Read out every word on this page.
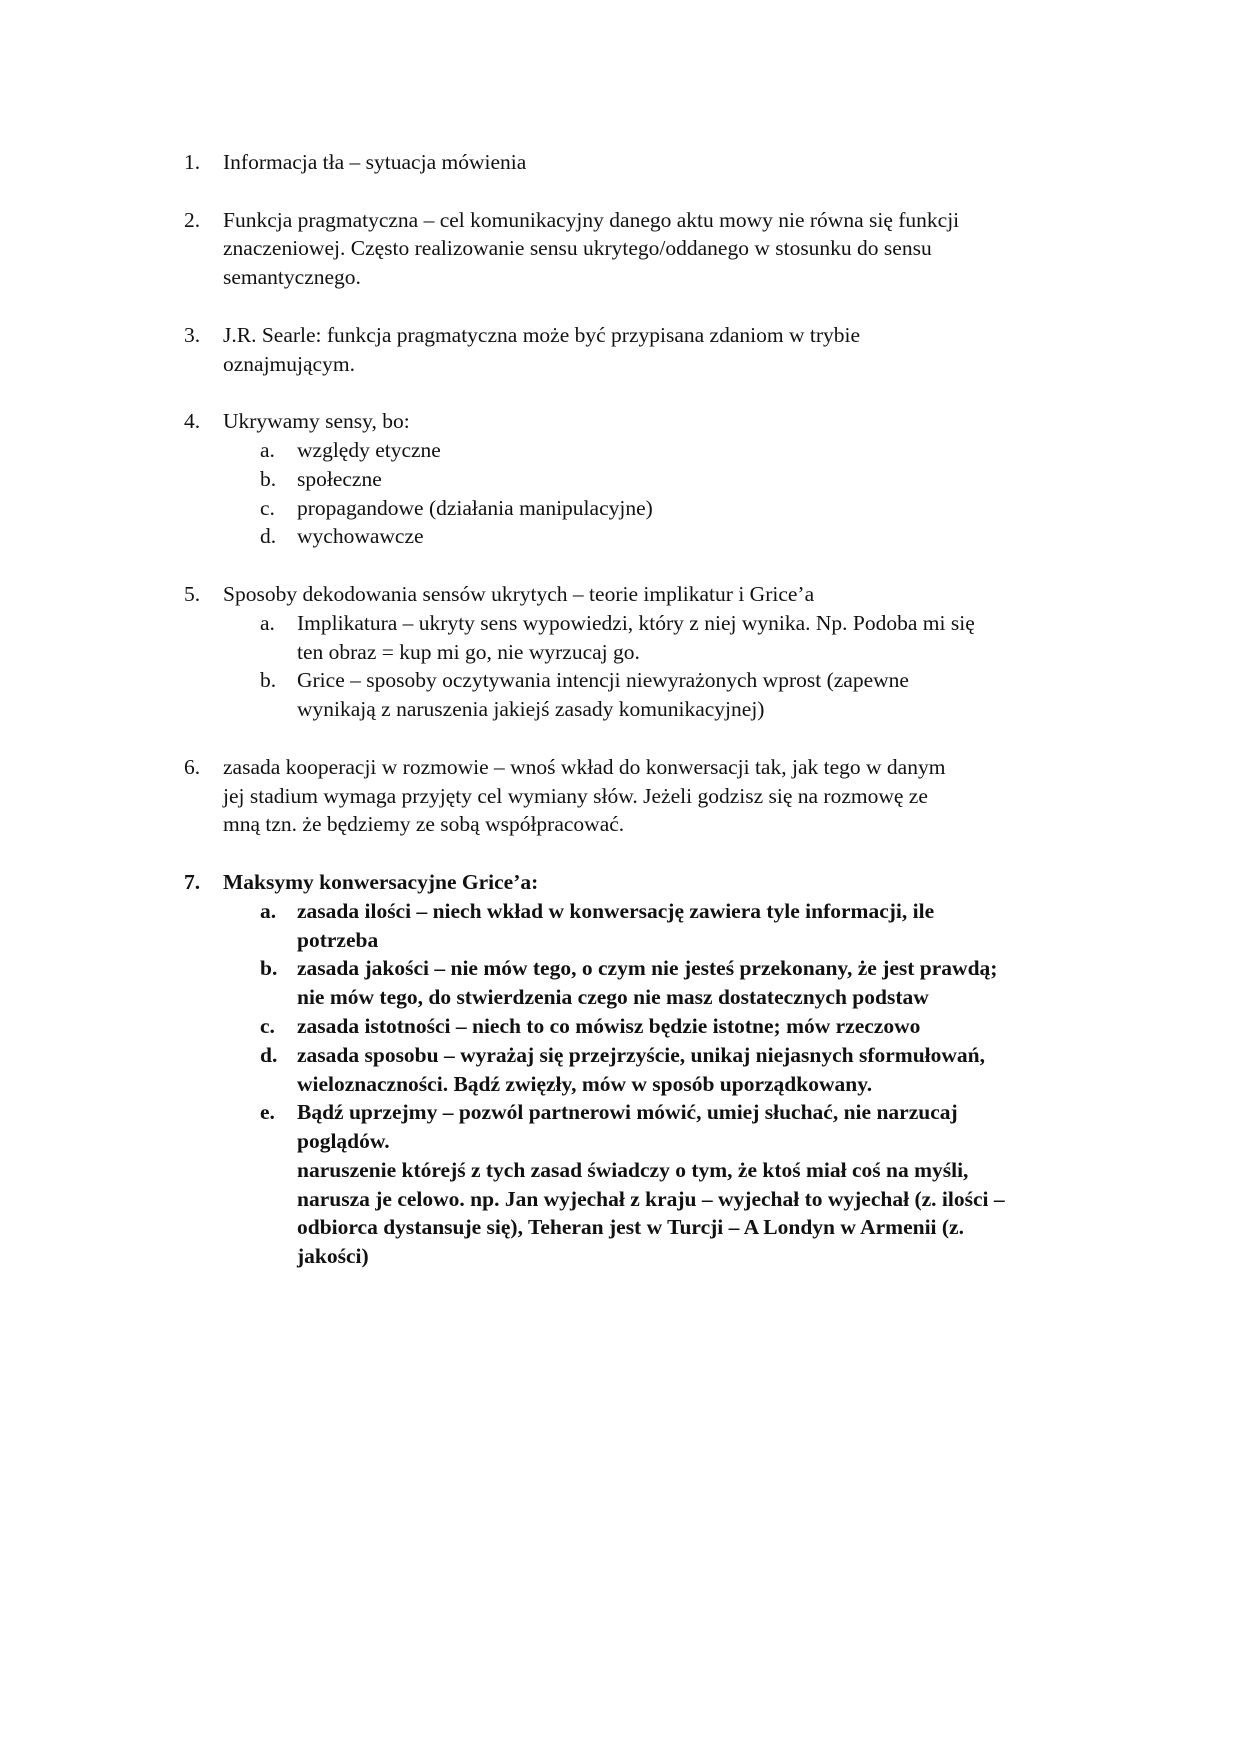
1. Informacja tła – sytuacja mówienia
2. Funkcja pragmatyczna – cel komunikacyjny danego aktu mowy nie równa się funkcji
znaczeniowej. Często realizowanie sensu ukrytego/oddanego w stosunku do sensu
semantycznego.
3. J.R. Searle: funkcja pragmatyczna może być przypisana zdaniom w trybie
oznajmującym.
4. Ukrywamy sensy, bo:
a. względy etyczne
b. społeczne
c. propagandowe (działania manipulacyjne)
d. wychowawcze
5. Sposoby dekodowania sensów ukrytych – teorie implikatur i Grice’a
a. Implikatura – ukryty sens wypowiedzi, który z niej wynika. Np. Podoba mi się
ten obraz = kup mi go, nie wyrzucaj go.
b. Grice – sposoby oczytywania intencji niewyrażonych wprost (zapewne
wynikają z naruszenia jakiejś zasady komunikacyjnej)
6. zasada kooperacji w rozmowie – wnoś wkład do konwersacji tak, jak tego w danym
jej stadium wymaga przyjęty cel wymiany słów. Jeżeli godzisz się na rozmowę ze
mną tzn. że będziemy ze sobą współpracować.
7. Maksymy konwersacyjne Grice’a:
a. zasada ilości – niech wkład w konwersację zawiera tyle informacji, ile
potrzeba
b. zasada jakości – nie mów tego, o czym nie jesteś przekonany, że jest prawdą;
nie mów tego, do stwierdzenia czego nie masz dostatecznych podstaw
c. zasada istotności – niech to co mówisz będzie istotne; mów rzeczowo
d. zasada sposobu – wyrażaj się przejrzyście, unikaj niejasnych sformułowań,
wieloznaczności. Bądź zwięzły, mów w sposób uporządkowany.
e. Bądź uprzejmy – pozwól partnerowi mówić, umiej słuchać, nie narzucaj
poglądów.
naruszenie którejś z tych zasad świadczy o tym, że ktoś miał coś na myśli,
narusza je celowo. np. Jan wyjechał z kraju – wyjechał to wyjechał (z. ilości –
odbiorca dystansuje się), Teheran jest w Turcji – A Londyn w Armenii (z.
jakości)
